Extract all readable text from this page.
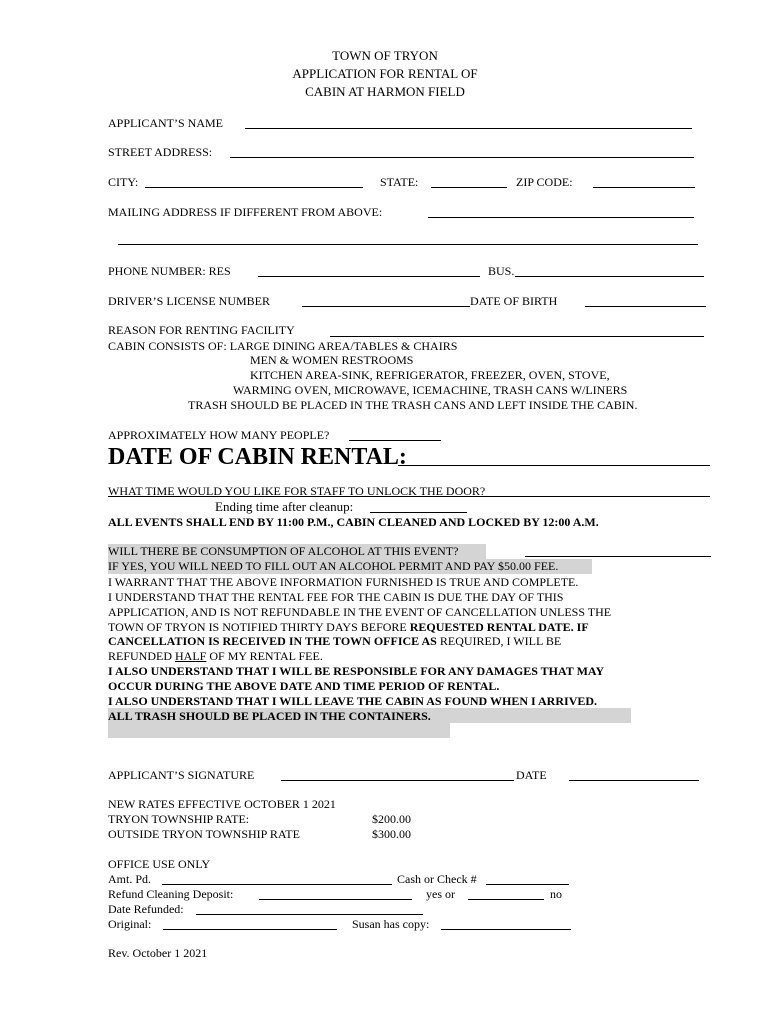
TOWN OF TRYON
APPLICATION FOR RENTAL OF
CABIN AT HARMON FIELD
APPLICANT’S NAME
STREET ADDRESS:
CITY:	STATE:	ZIP CODE:
MAILING ADDRESS IF DIFFERENT FROM ABOVE:
PHONE NUMBER: RES	BUS.
DRIVER’S LICENSE NUMBER	DATE OF BIRTH
REASON FOR RENTING FACILITY
CABIN CONSISTS OF: LARGE DINING AREA/TABLES & CHAIRS
MEN & WOMEN RESTROOMS
KITCHEN AREA-SINK, REFRIGERATOR, FREEZER, OVEN, STOVE,
WARMING OVEN, MICROWAVE, ICEMACHINE, TRASH CANS W/LINERS
TRASH SHOULD BE PLACED IN THE TRASH CANS AND LEFT INSIDE THE CABIN.
APPROXIMATELY HOW MANY PEOPLE?
DATE OF CABIN RENTAL:
WHAT TIME WOULD YOU LIKE FOR STAFF TO UNLOCK THE DOOR?
Ending time after cleanup:
ALL EVENTS SHALL END BY 11:00 P.M., CABIN CLEANED AND LOCKED BY 12:00 A.M.
WILL THERE BE CONSUMPTION OF ALCOHOL AT THIS EVENT?
IF YES, YOU WILL NEED TO FILL OUT AN ALCOHOL PERMIT AND PAY $50.00 FEE.
I WARRANT THAT THE ABOVE INFORMATION FURNISHED IS TRUE AND COMPLETE.
I UNDERSTAND THAT THE RENTAL FEE FOR THE CABIN IS DUE THE DAY OF THIS
APPLICATION, AND IS NOT REFUNDABLE IN THE EVENT OF CANCELLATION UNLESS THE
TOWN OF TRYON IS NOTIFIED THIRTY DAYS BEFORE REQUESTED RENTAL DATE. IF
CANCELLATION IS RECEIVED IN THE TOWN OFFICE AS REQUIRED, I WILL BE
REFUNDED HALF OF MY RENTAL FEE.
I ALSO UNDERSTAND THAT I WILL BE RESPONSIBLE FOR ANY DAMAGES THAT MAY
OCCUR DURING THE ABOVE DATE AND TIME PERIOD OF RENTAL.
I ALSO UNDERSTAND THAT I WILL LEAVE THE CABIN AS FOUND WHEN I ARRIVED.
ALL TRASH SHOULD BE PLACED IN THE CONTAINERS.
APPLICANT’S SIGNATURE	DATE
NEW RATES EFFECTIVE OCTOBER 1 2021
TRYON TOWNSHIP RATE:	$200.00
OUTSIDE TRYON TOWNSHIP RATE	$300.00
OFFICE USE ONLY
Amt. Pd.	Cash or Check #
Refund Cleaning Deposit:	yes or	no
Date Refunded:
Original:	Susan has copy:
Rev. October 1 2021
